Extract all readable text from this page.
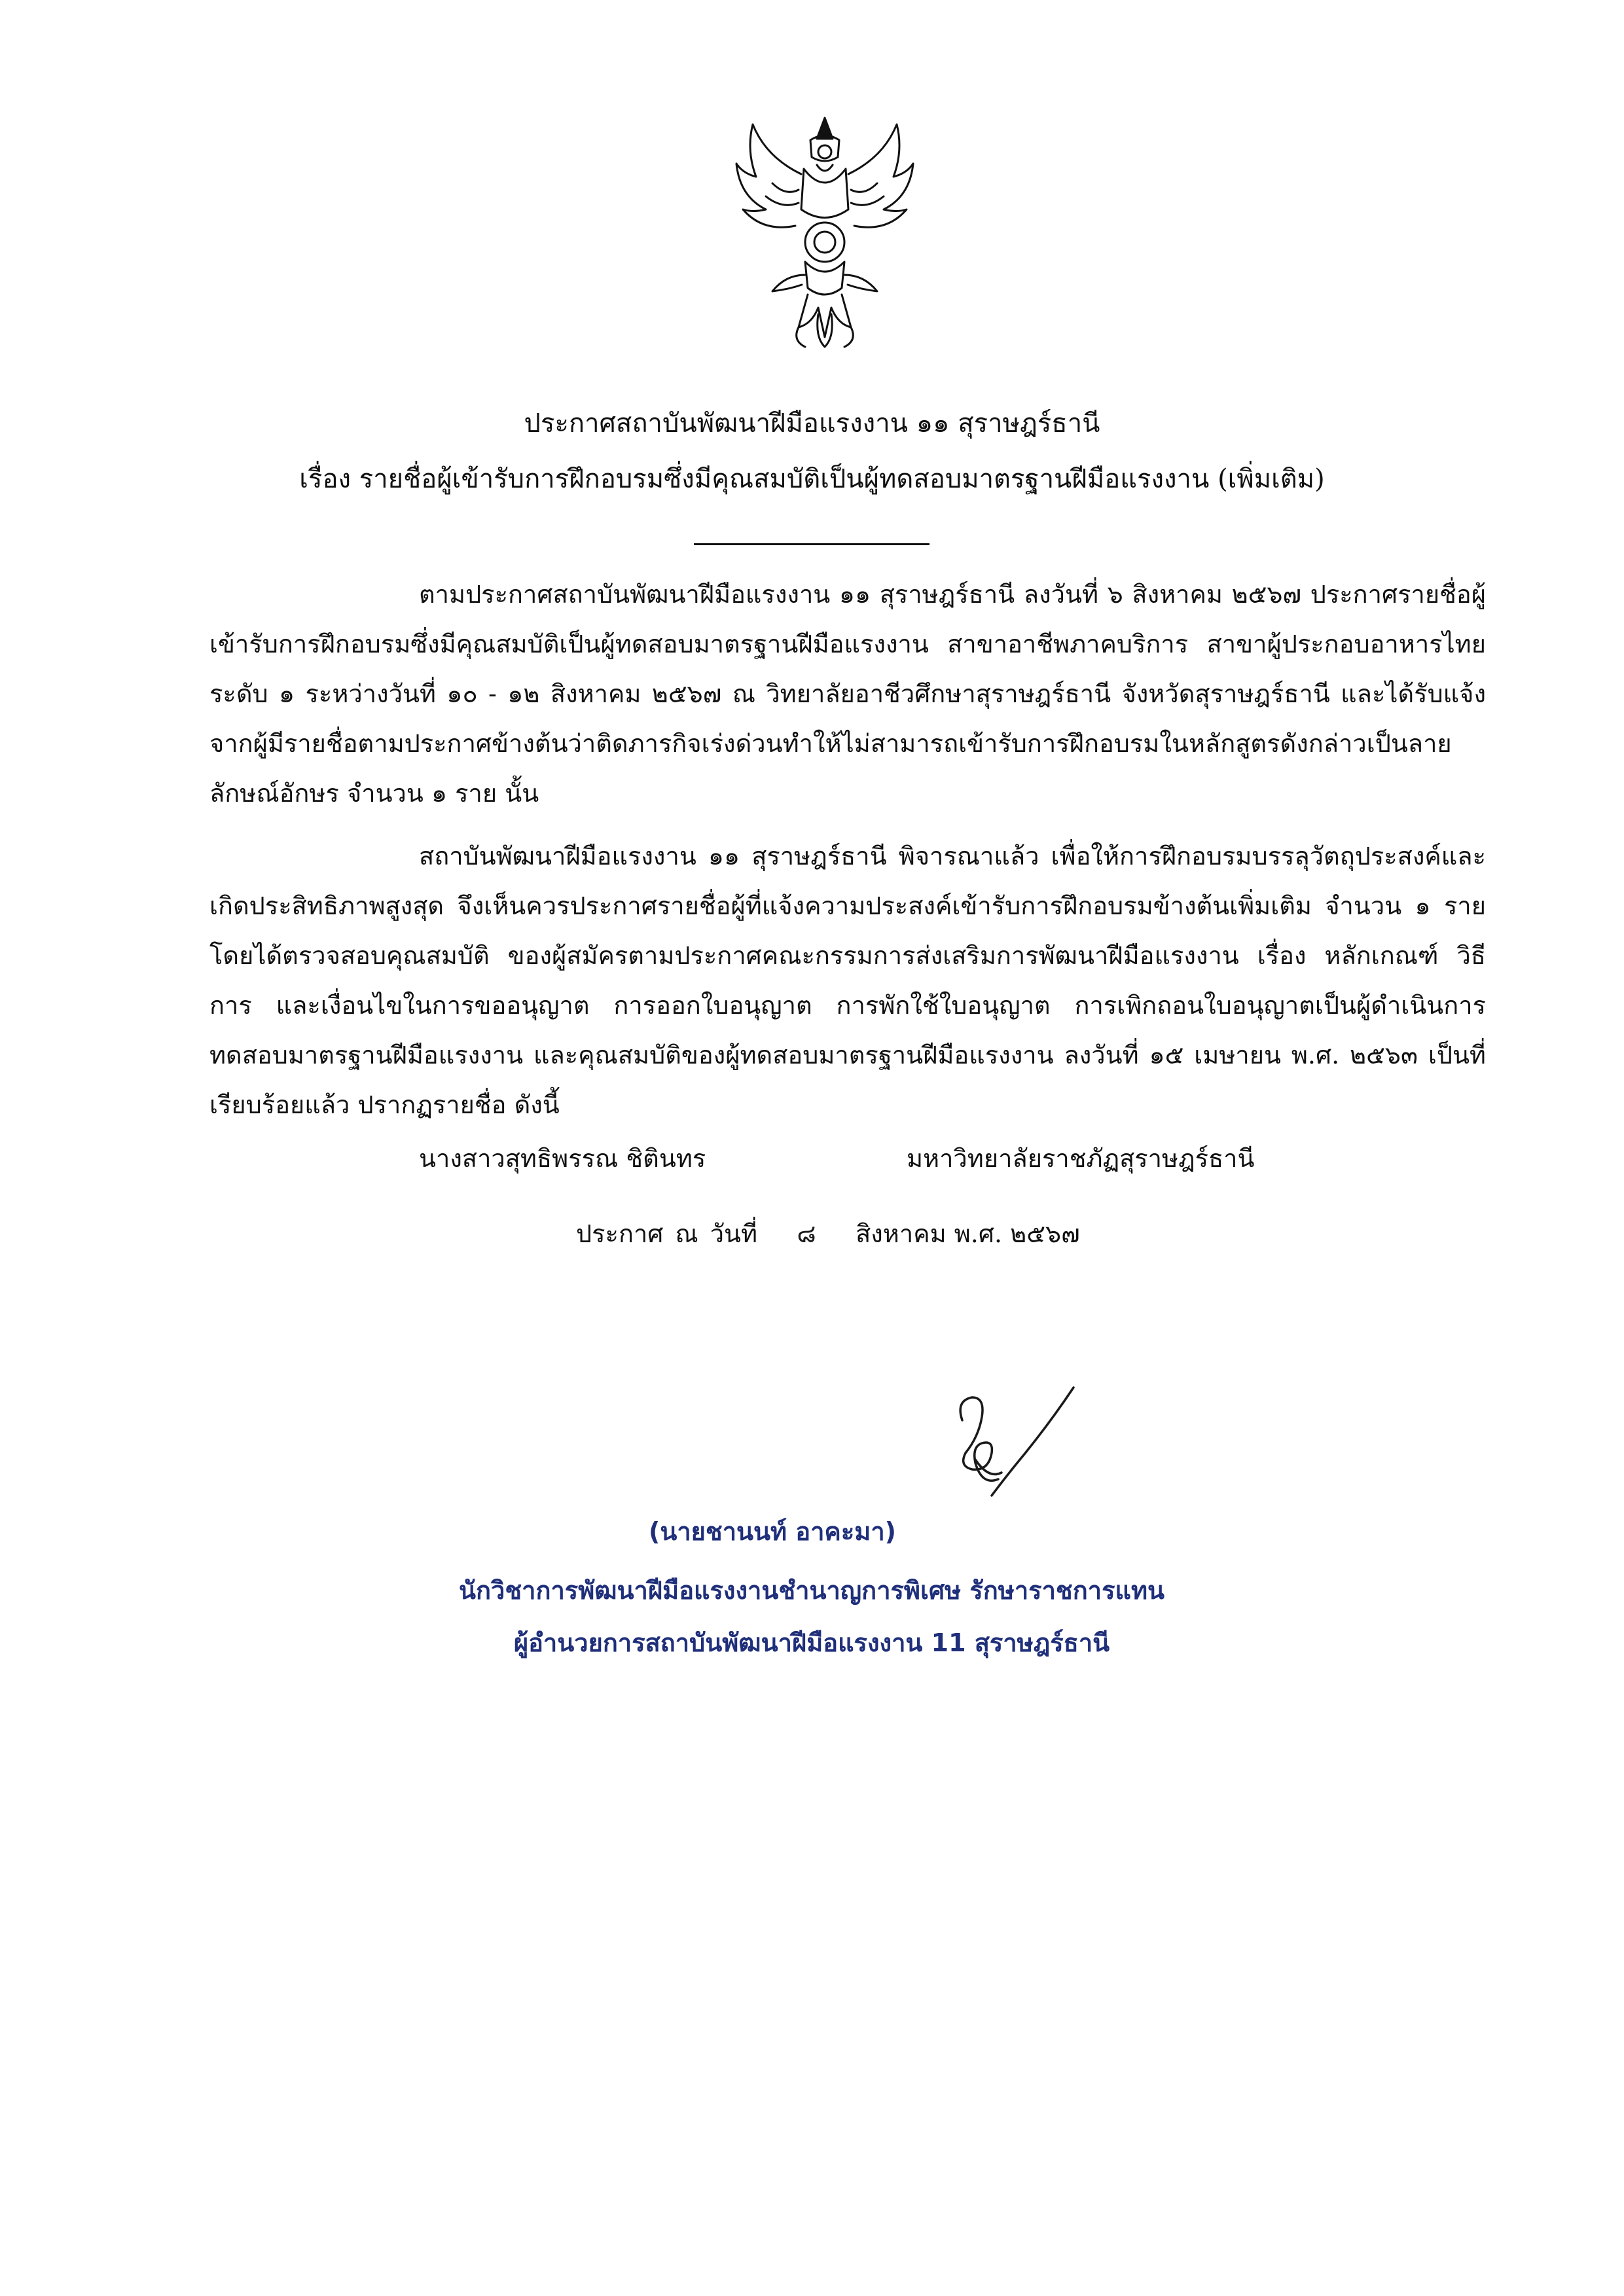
ประกาศสถาบันพัฒนาฝีมือแรงงาน ๑๑ สุราษฎร์ธานี
เรื่อง รายชื่อผู้เข้ารับการฝึกอบรมซึ่งมีคุณสมบัติเป็นผู้ทดสอบมาตรฐานฝีมือแรงงาน (เพิ่มเติม)

ตามประกาศสถาบันพัฒนาฝีมือแรงงาน ๑๑ สุราษฎร์ธานี ลงวันที่ ๖ สิงหาคม ๒๕๖๗ ประกาศรายชื่อผู้เข้ารับการฝึกอบรมซึ่งมีคุณสมบัติเป็นผู้ทดสอบมาตรฐานฝีมือแรงงาน สาขาอาชีพภาคบริการ สาขาผู้ประกอบอาหารไทย ระดับ ๑ ระหว่างวันที่ ๑๐ - ๑๒ สิงหาคม ๒๕๖๗ ณ วิทยาลัยอาชีวศึกษาสุราษฎร์ธานี จังหวัดสุราษฎร์ธานี และได้รับแจ้งจากผู้มีรายชื่อตามประกาศข้างต้นว่าติดภารกิจเร่งด่วนทำให้ไม่สามารถเข้ารับการฝึกอบรมในหลักสูตรดังกล่าวเป็นลายลักษณ์อักษร จำนวน ๑ ราย นั้น

สถาบันพัฒนาฝีมือแรงงาน ๑๑ สุราษฎร์ธานี พิจารณาแล้ว เพื่อให้การฝึกอบรมบรรลุวัตถุประสงค์และเกิดประสิทธิภาพสูงสุด จึงเห็นควรประกาศรายชื่อผู้ที่แจ้งความประสงค์เข้ารับการฝึกอบรมข้างต้นเพิ่มเติม จำนวน ๑ ราย โดยได้ตรวจสอบคุณสมบัติ ของผู้สมัครตามประกาศคณะกรรมการส่งเสริมการพัฒนาฝีมือแรงงาน เรื่อง หลักเกณฑ์ วิธีการ และเงื่อนไขในการขออนุญาต การออกใบอนุญาต การพักใช้ใบอนุญาต การเพิกถอนใบอนุญาตเป็นผู้ดำเนินการทดสอบมาตรฐานฝีมือแรงงาน และคุณสมบัติของผู้ทดสอบมาตรฐานฝีมือแรงงาน ลงวันที่ ๑๕ เมษายน พ.ศ. ๒๕๖๓ เป็นที่เรียบร้อยแล้ว ปรากฏรายชื่อ ดังนี้

นางสาวสุทธิพรรณ ชิตินทร	มหาวิทยาลัยราชภัฏสุราษฎร์ธานี
ประกาศ ณ วันที่ ๘ สิงหาคม พ.ศ. ๒๕๖๗
(นายชานนท์ อาคะมา)
นักวิชาการพัฒนาฝีมือแรงงานชำนาญการพิเศษ รักษาราชการแทน
ผู้อำนวยการสถาบันพัฒนาฝีมือแรงงาน 11 สุราษฎร์ธานี
